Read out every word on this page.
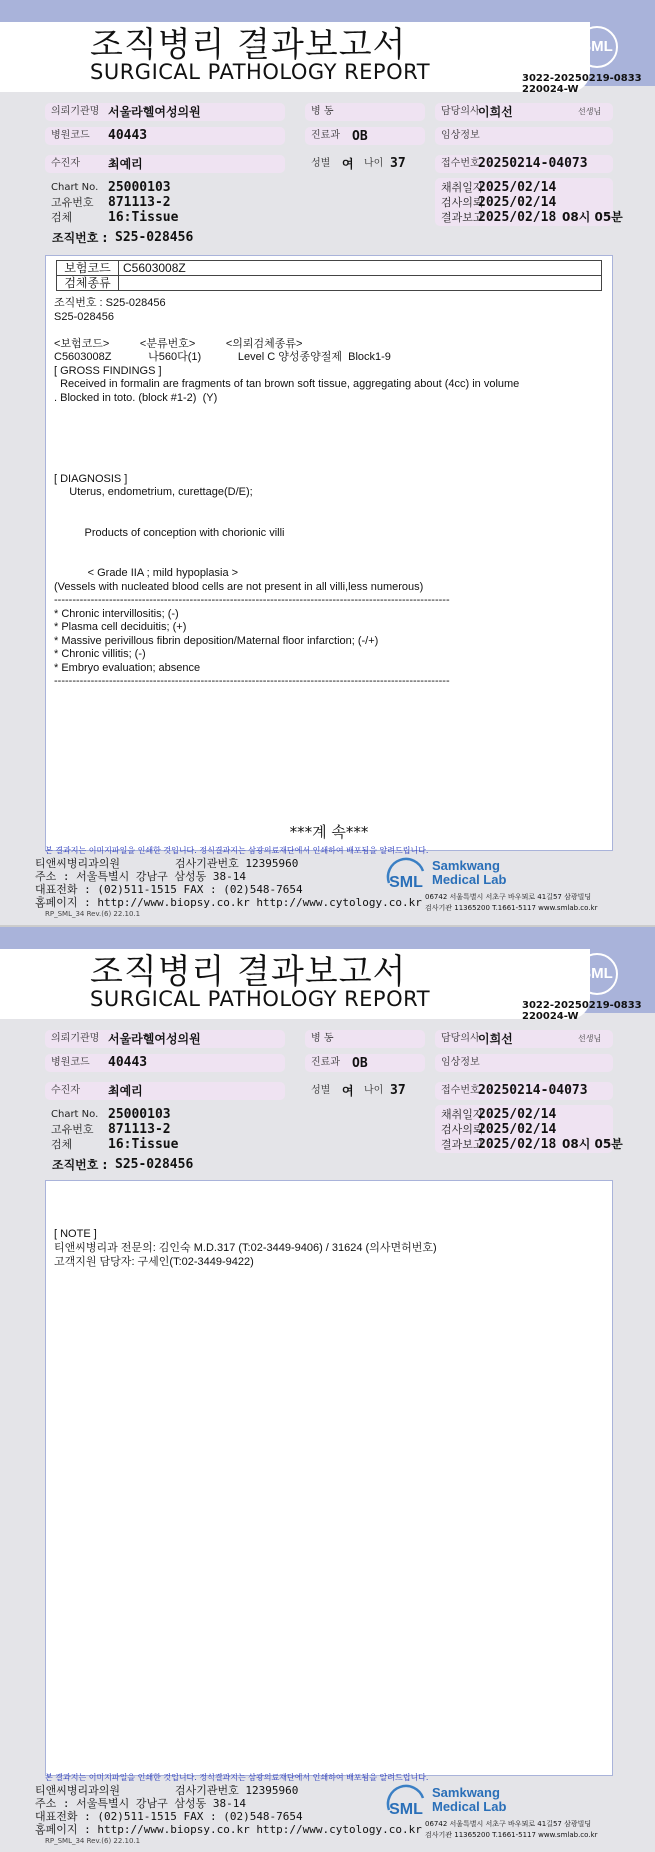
조직병리 결과보고서
SURGICAL PATHOLOGY REPORT
SML
3022-20250219-0833
220024-W
의뢰기관명 서울라헬여성의원	병 동	담당의사
이희선	선생님
병원코드 40443	진료과 OB	임상정보
수진자 최예리	성별 여	나이 37	접수번호
20250214-04073
Chart No. 25000103
고유번호 871113-2
검체	16:Tissue
채취일자
2025/02/14
검사의뢰
2025/02/14
결과보고
2025/02/18 08시 05분
조직번호 : S25-028456
보험코드	C5603008Z
검체종류	
조직번호 : S25-028456
S25-028456
<보험코드>          <분류번호>          <의뢰검체종류>
C5603008Z            나560다(1)            Level C 양성종양절제  Block1-9
[ GROSS FINDINGS ]
Received in formalin are fragments of tan brown soft tissue, aggregating about (4cc) in volume
. Blocked in toto. (block #1-2)  (Y)
[ DIAGNOSIS ]
Uterus, endometrium, curettage(D/E);
Products of conception with chorionic villi
< Grade IIA ; mild hypoplasia >
(Vessels with nucleated blood cells are not present in all villi,less numerous)
------------------------------------------------------------------------------------------------------------
* Chronic intervillositis; (-)
* Plasma cell deciduitis; (+)
* Massive perivillous fibrin deposition/Maternal floor infarction; (-/+)
* Chronic villitis; (-)
* Embryo evaluation; absence
------------------------------------------------------------------------------------------------------------
***계 속***
본 결과지는 이미지파일을 인쇄한 것입니다. 정식결과지는 삼광의료재단에서 인쇄하여 배포됨을 알려드립니다.
티앤씨병리과의원	검사기관번호 12395960
주소 : 서울특별시 강남구 삼성동 38-14
대표전화 : (02)511-1515 FAX : (02)548-7654
홈페이지 : http://www.biopsy.co.kr http://www.cytology.co.kr
RP_SML_34 Rev.(6) 22.10.1
SML
Samkwang
Medical Lab
06742 서울특별시 서초구 바우뫼로 41길57 삼광빌딩
검사기관 11365200 T.1661-5117 www.smlab.co.kr
조직병리 결과보고서
SURGICAL PATHOLOGY REPORT
SML
3022-20250219-0833
220024-W
의뢰기관명 서울라헬여성의원	병 동	담당의사
이희선	선생님
병원코드 40443	진료과 OB	임상정보
수진자 최예리	성별 여	나이 37	접수번호
20250214-04073
Chart No. 25000103
고유번호 871113-2
검체	16:Tissue
채취일자
2025/02/14
검사의뢰
2025/02/14
결과보고
2025/02/18 08시 05분
조직번호 : S25-028456
[ NOTE ]
티앤씨병리과 전문의: 김인숙 M.D.317 (T:02-3449-9406) / 31624 (의사면허번호)
고객지원 담당자: 구세인(T:02-3449-9422)
본 결과지는 이미지파일을 인쇄한 것입니다. 정식결과지는 삼광의료재단에서 인쇄하여 배포됨을 알려드립니다.
티앤씨병리과의원	검사기관번호 12395960
주소 : 서울특별시 강남구 삼성동 38-14
대표전화 : (02)511-1515 FAX : (02)548-7654
홈페이지 : http://www.biopsy.co.kr http://www.cytology.co.kr
RP_SML_34 Rev.(6) 22.10.1
SML
Samkwang
Medical Lab
06742 서울특별시 서초구 바우뫼로 41길57 삼광빌딩
검사기관 11365200 T.1661-5117 www.smlab.co.kr
